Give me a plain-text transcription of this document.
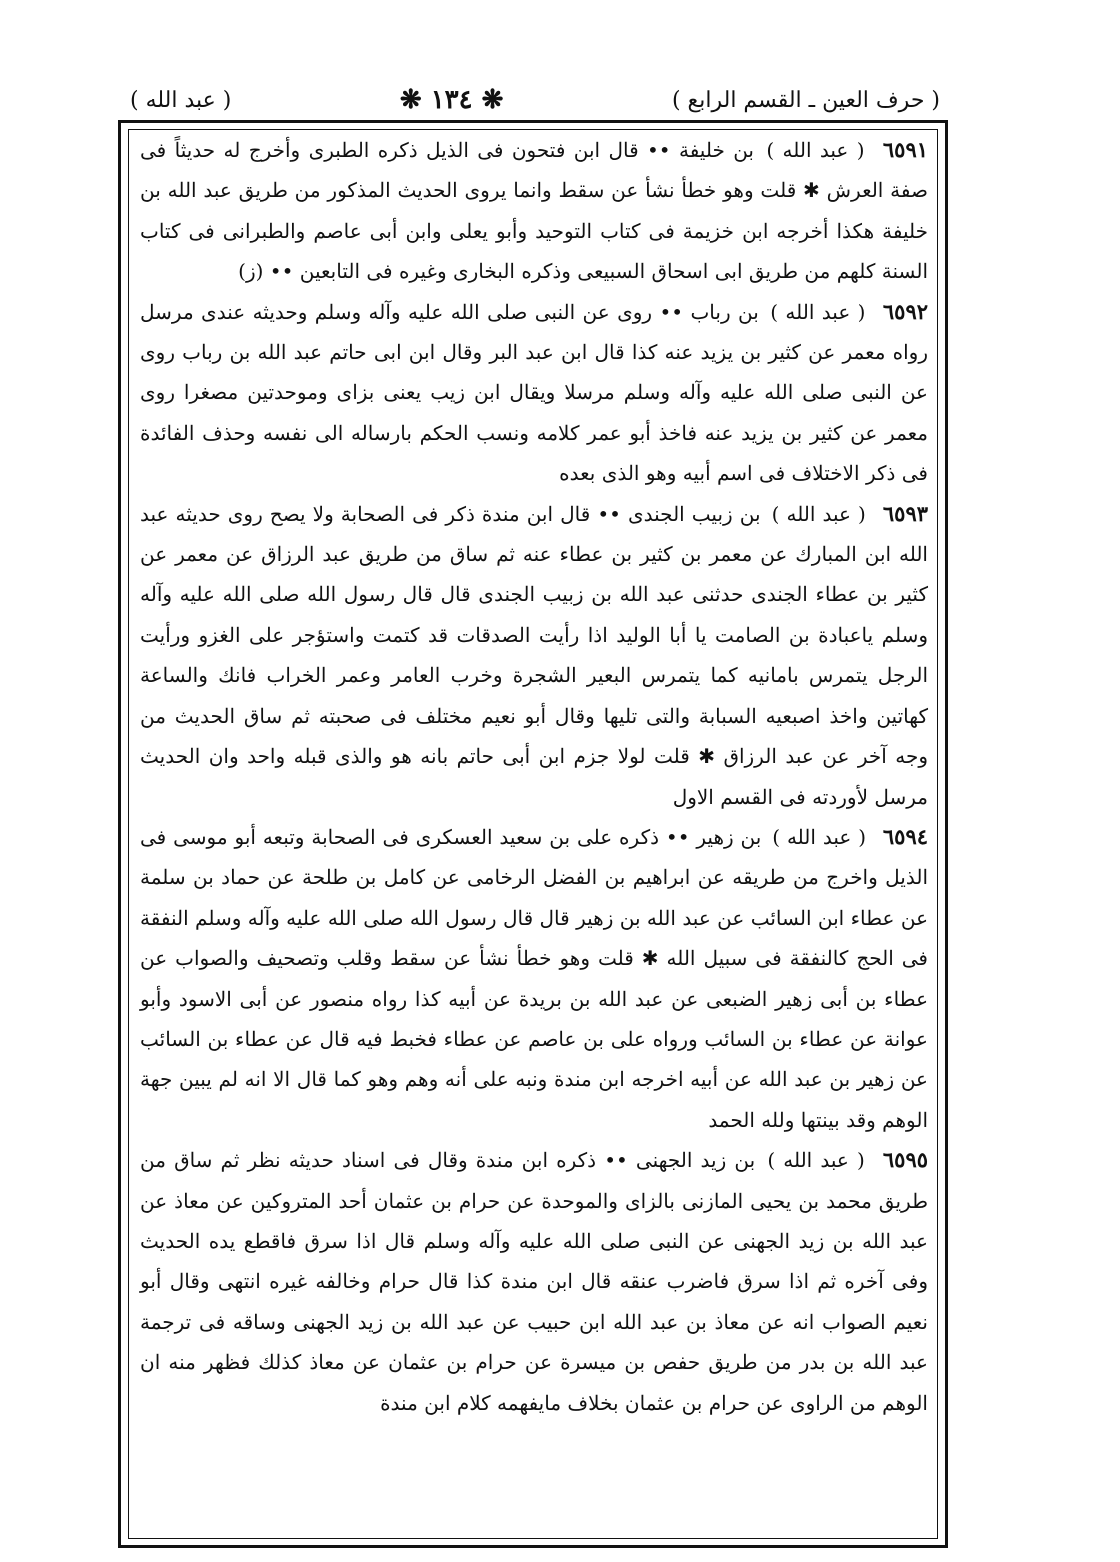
( حرف العين ـ القسم الرابع )
❋ ١٣٤ ❋
( عبد الله )

٦٥٩١ ( عبد الله ) بن خليفة •• قال ابن فتحون فى الذيل ذكره الطبرى وأخرج له حديثاً فى صفة العرش ✱ قلت وهو خطأ نشأ عن سقط وانما يروى الحديث المذكور من طريق عبد الله بن خليفة هكذا أخرجه ابن خزيمة فى كتاب التوحيد وأبو يعلى وابن أبى عاصم والطبرانى فى كتاب السنة كلهم من طريق ابى اسحاق السبيعى وذكره البخارى وغيره فى التابعين •• (ز)

٦٥٩٢ ( عبد الله ) بن رباب •• روى عن النبى صلى الله عليه وآله وسلم وحديثه عندى مرسل رواه معمر عن كثير بن يزيد عنه كذا قال ابن عبد البر وقال ابن ابى حاتم عبد الله بن رباب روى عن النبى صلى الله عليه وآله وسلم مرسلا ويقال ابن زيب يعنى بزاى وموحدتين مصغرا روى معمر عن كثير بن يزيد عنه فاخذ أبو عمر كلامه ونسب الحكم بارساله الى نفسه وحذف الفائدة فى ذكر الاختلاف فى اسم أبيه وهو الذى بعده

٦٥٩٣ ( عبد الله ) بن زبيب الجندى •• قال ابن مندة ذكر فى الصحابة ولا يصح روى حديثه عبد الله ابن المبارك عن معمر بن كثير بن عطاء عنه ثم ساق من طريق عبد الرزاق عن معمر عن كثير بن عطاء الجندى حدثنى عبد الله بن زبيب الجندى قال قال رسول الله صلى الله عليه وآله وسلم ياعبادة بن الصامت يا أبا الوليد اذا رأيت الصدقات قد كتمت واستؤجر على الغزو ورأيت الرجل يتمرس بامانيه كما يتمرس البعير الشجرة وخرب العامر وعمر الخراب فانك والساعة كهاتين واخذ اصبعيه السبابة والتى تليها وقال أبو نعيم مختلف فى صحبته ثم ساق الحديث من وجه آخر عن عبد الرزاق ✱ قلت لولا جزم ابن أبى حاتم بانه هو والذى قبله واحد وان الحديث مرسل لأوردته فى القسم الاول

٦٥٩٤ ( عبد الله ) بن زهير •• ذكره على بن سعيد العسكرى فى الصحابة وتبعه أبو موسى فى الذيل واخرج من طريقه عن ابراهيم بن الفضل الرخامى عن كامل بن طلحة عن حماد بن سلمة عن عطاء ابن السائب عن عبد الله بن زهير قال قال رسول الله صلى الله عليه وآله وسلم النفقة فى الحج كالنفقة فى سبيل الله ✱ قلت وهو خطأ نشأ عن سقط وقلب وتصحيف والصواب عن عطاء بن أبى زهير الضبعى عن عبد الله بن بريدة عن أبيه كذا رواه منصور عن أبى الاسود وأبو عوانة عن عطاء بن السائب ورواه على بن عاصم عن عطاء فخبط فيه قال عن عطاء بن السائب عن زهير بن عبد الله عن أبيه اخرجه ابن مندة ونبه على أنه وهم وهو كما قال الا انه لم يبين جهة الوهم وقد بينتها ولله الحمد

٦٥٩٥ ( عبد الله ) بن زيد الجهنى •• ذكره ابن مندة وقال فى اسناد حديثه نظر ثم ساق من طريق محمد بن يحيى المازنى بالزاى والموحدة عن حرام بن عثمان أحد المتروكين عن معاذ عن عبد الله بن زيد الجهنى عن النبى صلى الله عليه وآله وسلم قال اذا سرق فاقطع يده الحديث وفى آخره ثم اذا سرق فاضرب عنقه قال ابن مندة كذا قال حرام وخالفه غيره انتهى وقال أبو نعيم الصواب انه عن معاذ بن عبد الله ابن حبيب عن عبد الله بن زيد الجهنى وساقه فى ترجمة عبد الله بن بدر من طريق حفص بن ميسرة عن حرام بن عثمان عن معاذ كذلك فظهر منه ان الوهم من الراوى عن حرام بن عثمان بخلاف مايفهمه كلام ابن مندة
